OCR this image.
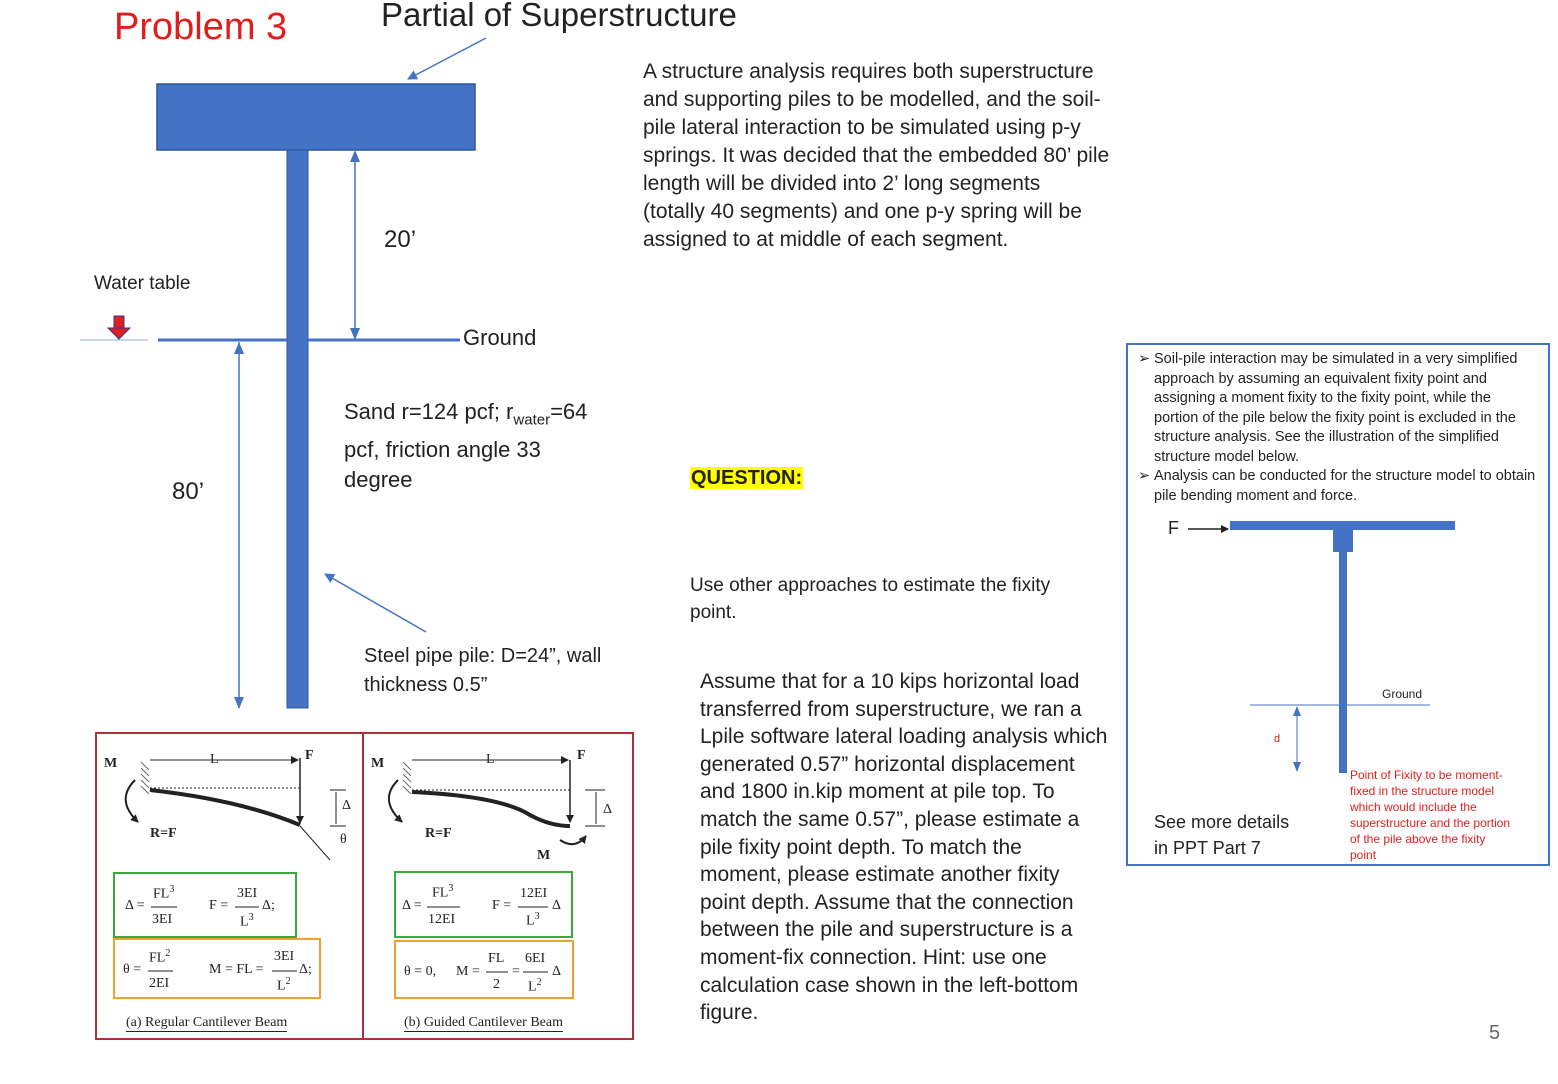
Problem 3	Partial of Superstructure
Water table
Ground
20’
80’
Sand r=124 pcf; $r_{water}=64$
pcf, friction angle 33
degree
Steel pipe pile: D=24”, wall
thickness 0.5”
M	L	F
R=F
Δ
θ
Δ =
$FL^3$
3EI
F =
3EI
$L^3$
Δ;
θ =
$FL^2$
2EI
M = FL =
3EI
$L^2$
Δ;
(a) Regular Cantilever Beam
M	L	F
R=F
M
Δ
Δ =
$FL^3$
12EI
F =
12EI
$L^3$
Δ
θ = 0, M =
FL
2
=
6EI
$L^2$
Δ
(b) Guided Cantilever Beam
A structure analysis requires both superstructure
and supporting piles to be modelled, and the soil-
pile lateral interaction to be simulated using p-y
springs. It was decided that the embedded 80’ pile
length will be divided into 2’ long segments
(totally 40 segments) and one p-y spring will be
assigned to at middle of each segment.
QUESTION:
Use other approaches to estimate the fixity
point.
Assume that for a 10 kips horizontal load
transferred from superstructure, we ran a
Lpile software lateral loading analysis which
generated 0.57” horizontal displacement
and 1800 in.kip moment at pile top. To
match the same 0.57”, please estimate a
pile fixity point depth. To match the
moment, please estimate another fixity
point depth. Assume that the connection
between the pile and superstructure is a
moment-fix connection. Hint: use one
calculation case shown in the left-bottom
figure.
➢ Soil-pile interaction may be simulated in a very simplified
approach by assuming an equivalent fixity point and
assigning a moment fixity to the fixity point, while the
portion of the pile below the fixity point is excluded in the
structure analysis. See the illustration of the simplified
structure model below.
➢ Analysis can be conducted for the structure model to obtain
pile bending moment and force.
F
Ground
d
See more details
in PPT Part 7
Point of Fixity to be moment-
fixed in the structure model
which would include the
superstructure and the portion
of the pile above the fixity
point
5
